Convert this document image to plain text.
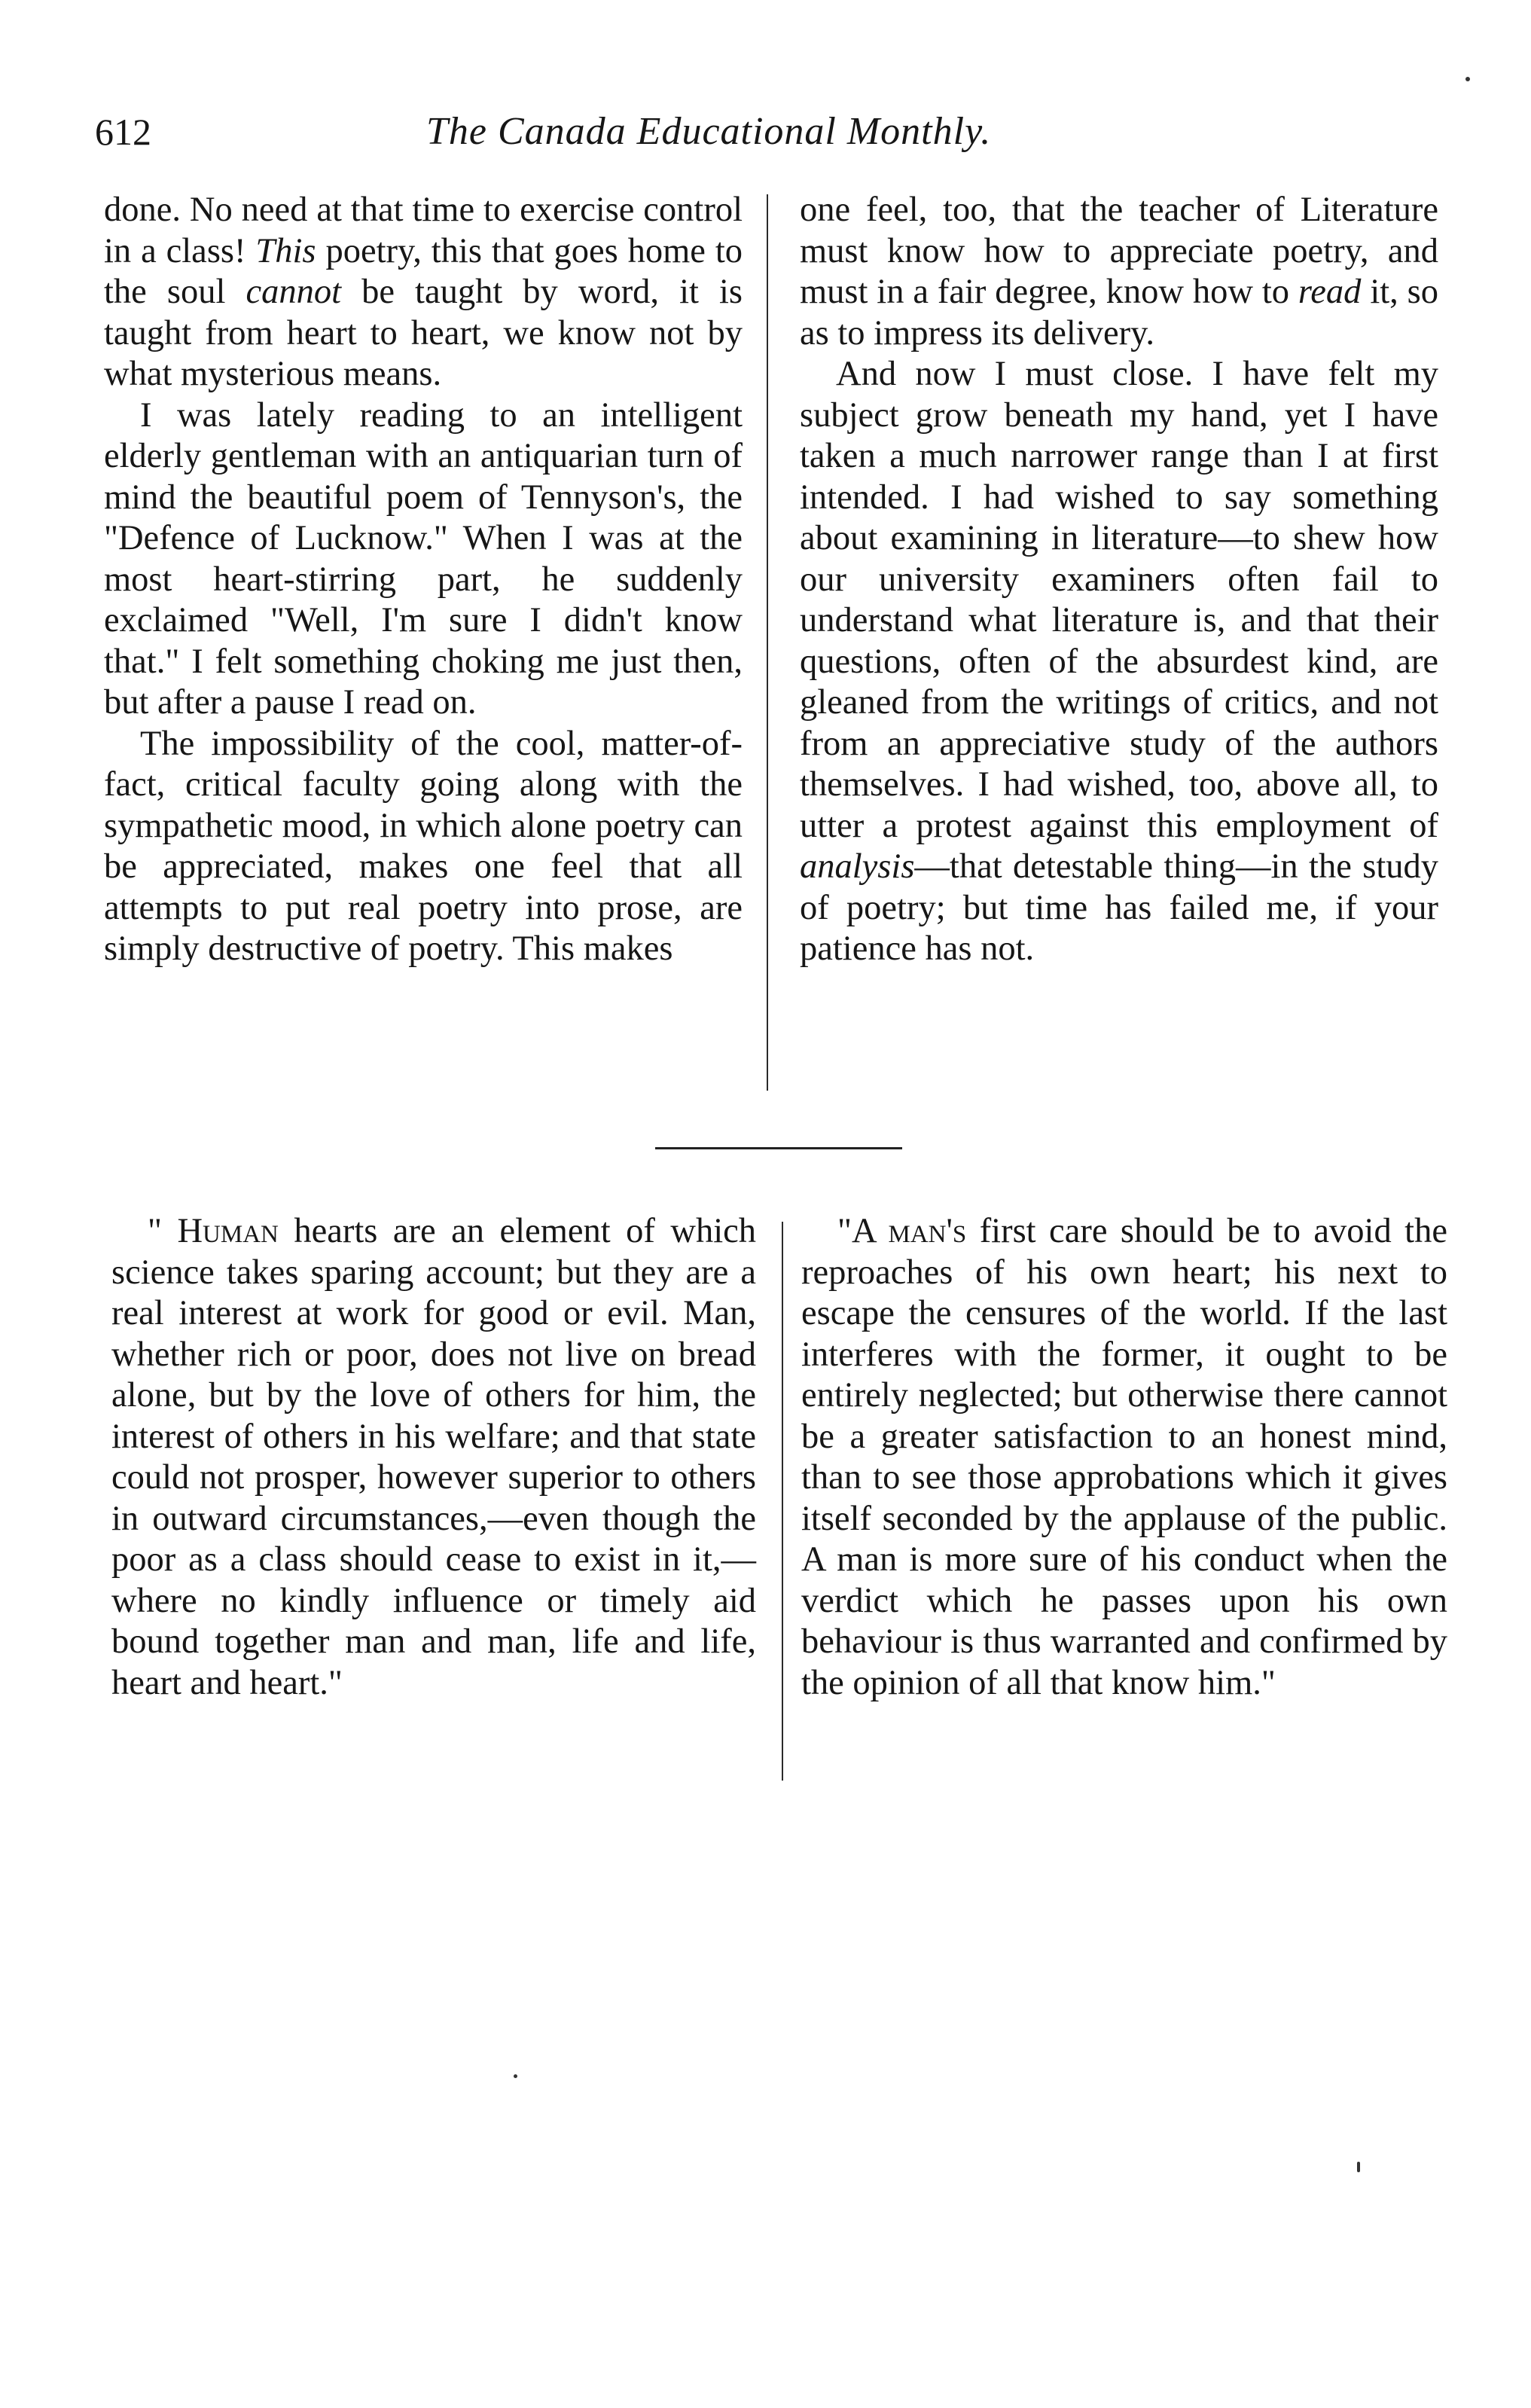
612	The Canada Educational Monthly.

done. No need at that time to exercise control in a class! This poetry, this that goes home to the soul cannot be taught by word, it is taught from heart to heart, we know not by what mysterious means.

I was lately reading to an intelligent elderly gentleman with an antiquarian turn of mind the beautiful poem of Tennyson's, the "Defence of Lucknow." When I was at the most heart-stirring part, he suddenly exclaimed "Well, I'm sure I didn't know that." I felt something choking me just then, but after a pause I read on.

The impossibility of the cool, matter-of-fact, critical faculty going along with the sympathetic mood, in which alone poetry can be appreciated, makes one feel that all attempts to put real poetry into prose, are simply destructive of poetry. This makes

one feel, too, that the teacher of Literature must know how to appreciate poetry, and must in a fair degree, know how to read it, so as to impress its delivery.

And now I must close. I have felt my subject grow beneath my hand, yet I have taken a much narrower range than I at first intended. I had wished to say something about examining in literature—to shew how our university examiners often fail to understand what literature is, and that their questions, often of the absurdest kind, are gleaned from the writings of critics, and not from an appreciative study of the authors themselves. I had wished, too, above all, to utter a protest against this employment of analysis—that detestable thing—in the study of poetry; but time has failed me, if your patience has not.

" Human hearts are an element of which science takes sparing account; but they are a real interest at work for good or evil. Man, whether rich or poor, does not live on bread alone, but by the love of others for him, the interest of others in his welfare; and that state could not prosper, however superior to others in outward circumstances,—even though the poor as a class should cease to exist in it,—where no kindly influence or timely aid bound together man and man, life and life, heart and heart."

"A man's first care should be to avoid the reproaches of his own heart; his next to escape the censures of the world. If the last interferes with the former, it ought to be entirely neglected; but otherwise there cannot be a greater satisfaction to an honest mind, than to see those approbations which it gives itself seconded by the applause of the public. A man is more sure of his conduct when the verdict which he passes upon his own behaviour is thus warranted and confirmed by the opinion of all that know him."
